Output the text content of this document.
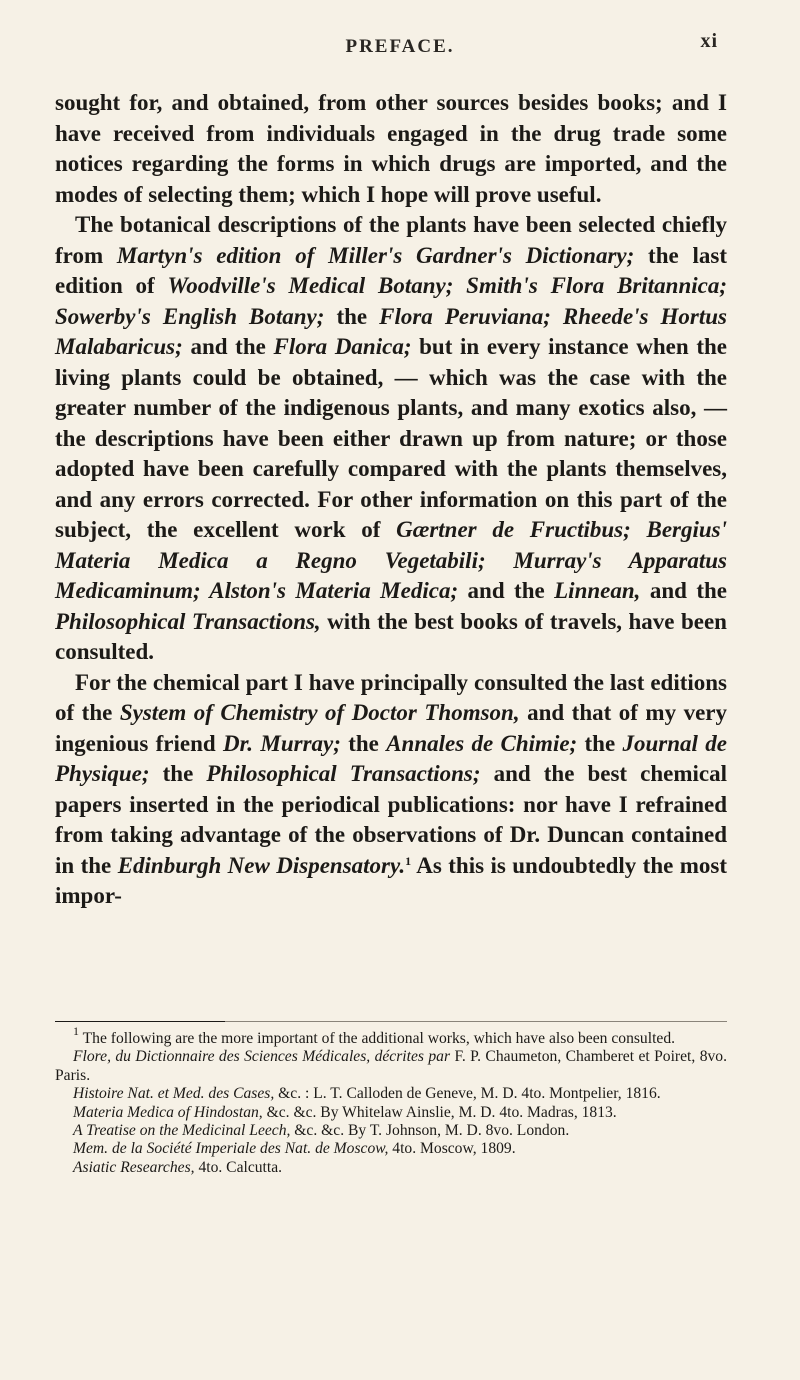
PREFACE.	xi

sought for, and obtained, from other sources besides books; and I have received from individuals engaged in the drug trade some notices regarding the forms in which drugs are imported, and the modes of selecting them; which I hope will prove useful.

The botanical descriptions of the plants have been selected chiefly from Martyn's edition of Miller's Gardner's Dictionary; the last edition of Woodville's Medical Botany; Smith's Flora Britannica; Sowerby's English Botany; the Flora Peruviana; Rheede's Hortus Malabaricus; and the Flora Danica; but in every instance when the living plants could be obtained, — which was the case with the greater number of the indigenous plants, and many exotics also, — the descriptions have been either drawn up from nature; or those adopted have been carefully compared with the plants themselves, and any errors corrected. For other information on this part of the subject, the excellent work of Gærtner de Fructibus; Bergius' Materia Medica a Regno Vegetabili; Murray's Apparatus Medicaminum; Alston's Materia Medica; and the Linnean, and the Philosophical Transactions, with the best books of travels, have been consulted.

For the chemical part I have principally consulted the last editions of the System of Chemistry of Doctor Thomson, and that of my very ingenious friend Dr. Murray; the Annales de Chimie; the Journal de Physique; the Philosophical Transactions; and the best chemical papers inserted in the periodical publications: nor have I refrained from taking advantage of the observations of Dr. Duncan contained in the Edinburgh New Dispensatory.$^1$ As this is undoubtedly the most impor-

$^1$ The following are the more important of the additional works, which have also been consulted.

Flore, du Dictionnaire des Sciences Médicales, décrites par F. P. Chaumeton, Chamberet et Poiret, 8vo. Paris.

Histoire Nat. et Med. des Cases, &c. : L. T. Calloden de Geneve, M. D. 4to. Montpelier, 1816.

Materia Medica of Hindostan, &c. &c. By Whitelaw Ainslie, M. D. 4to. Madras, 1813.

A Treatise on the Medicinal Leech, &c. &c. By T. Johnson, M. D. 8vo. London.

Mem. de la Société Imperiale des Nat. de Moscow, 4to. Moscow, 1809.

Asiatic Researches, 4to. Calcutta.
